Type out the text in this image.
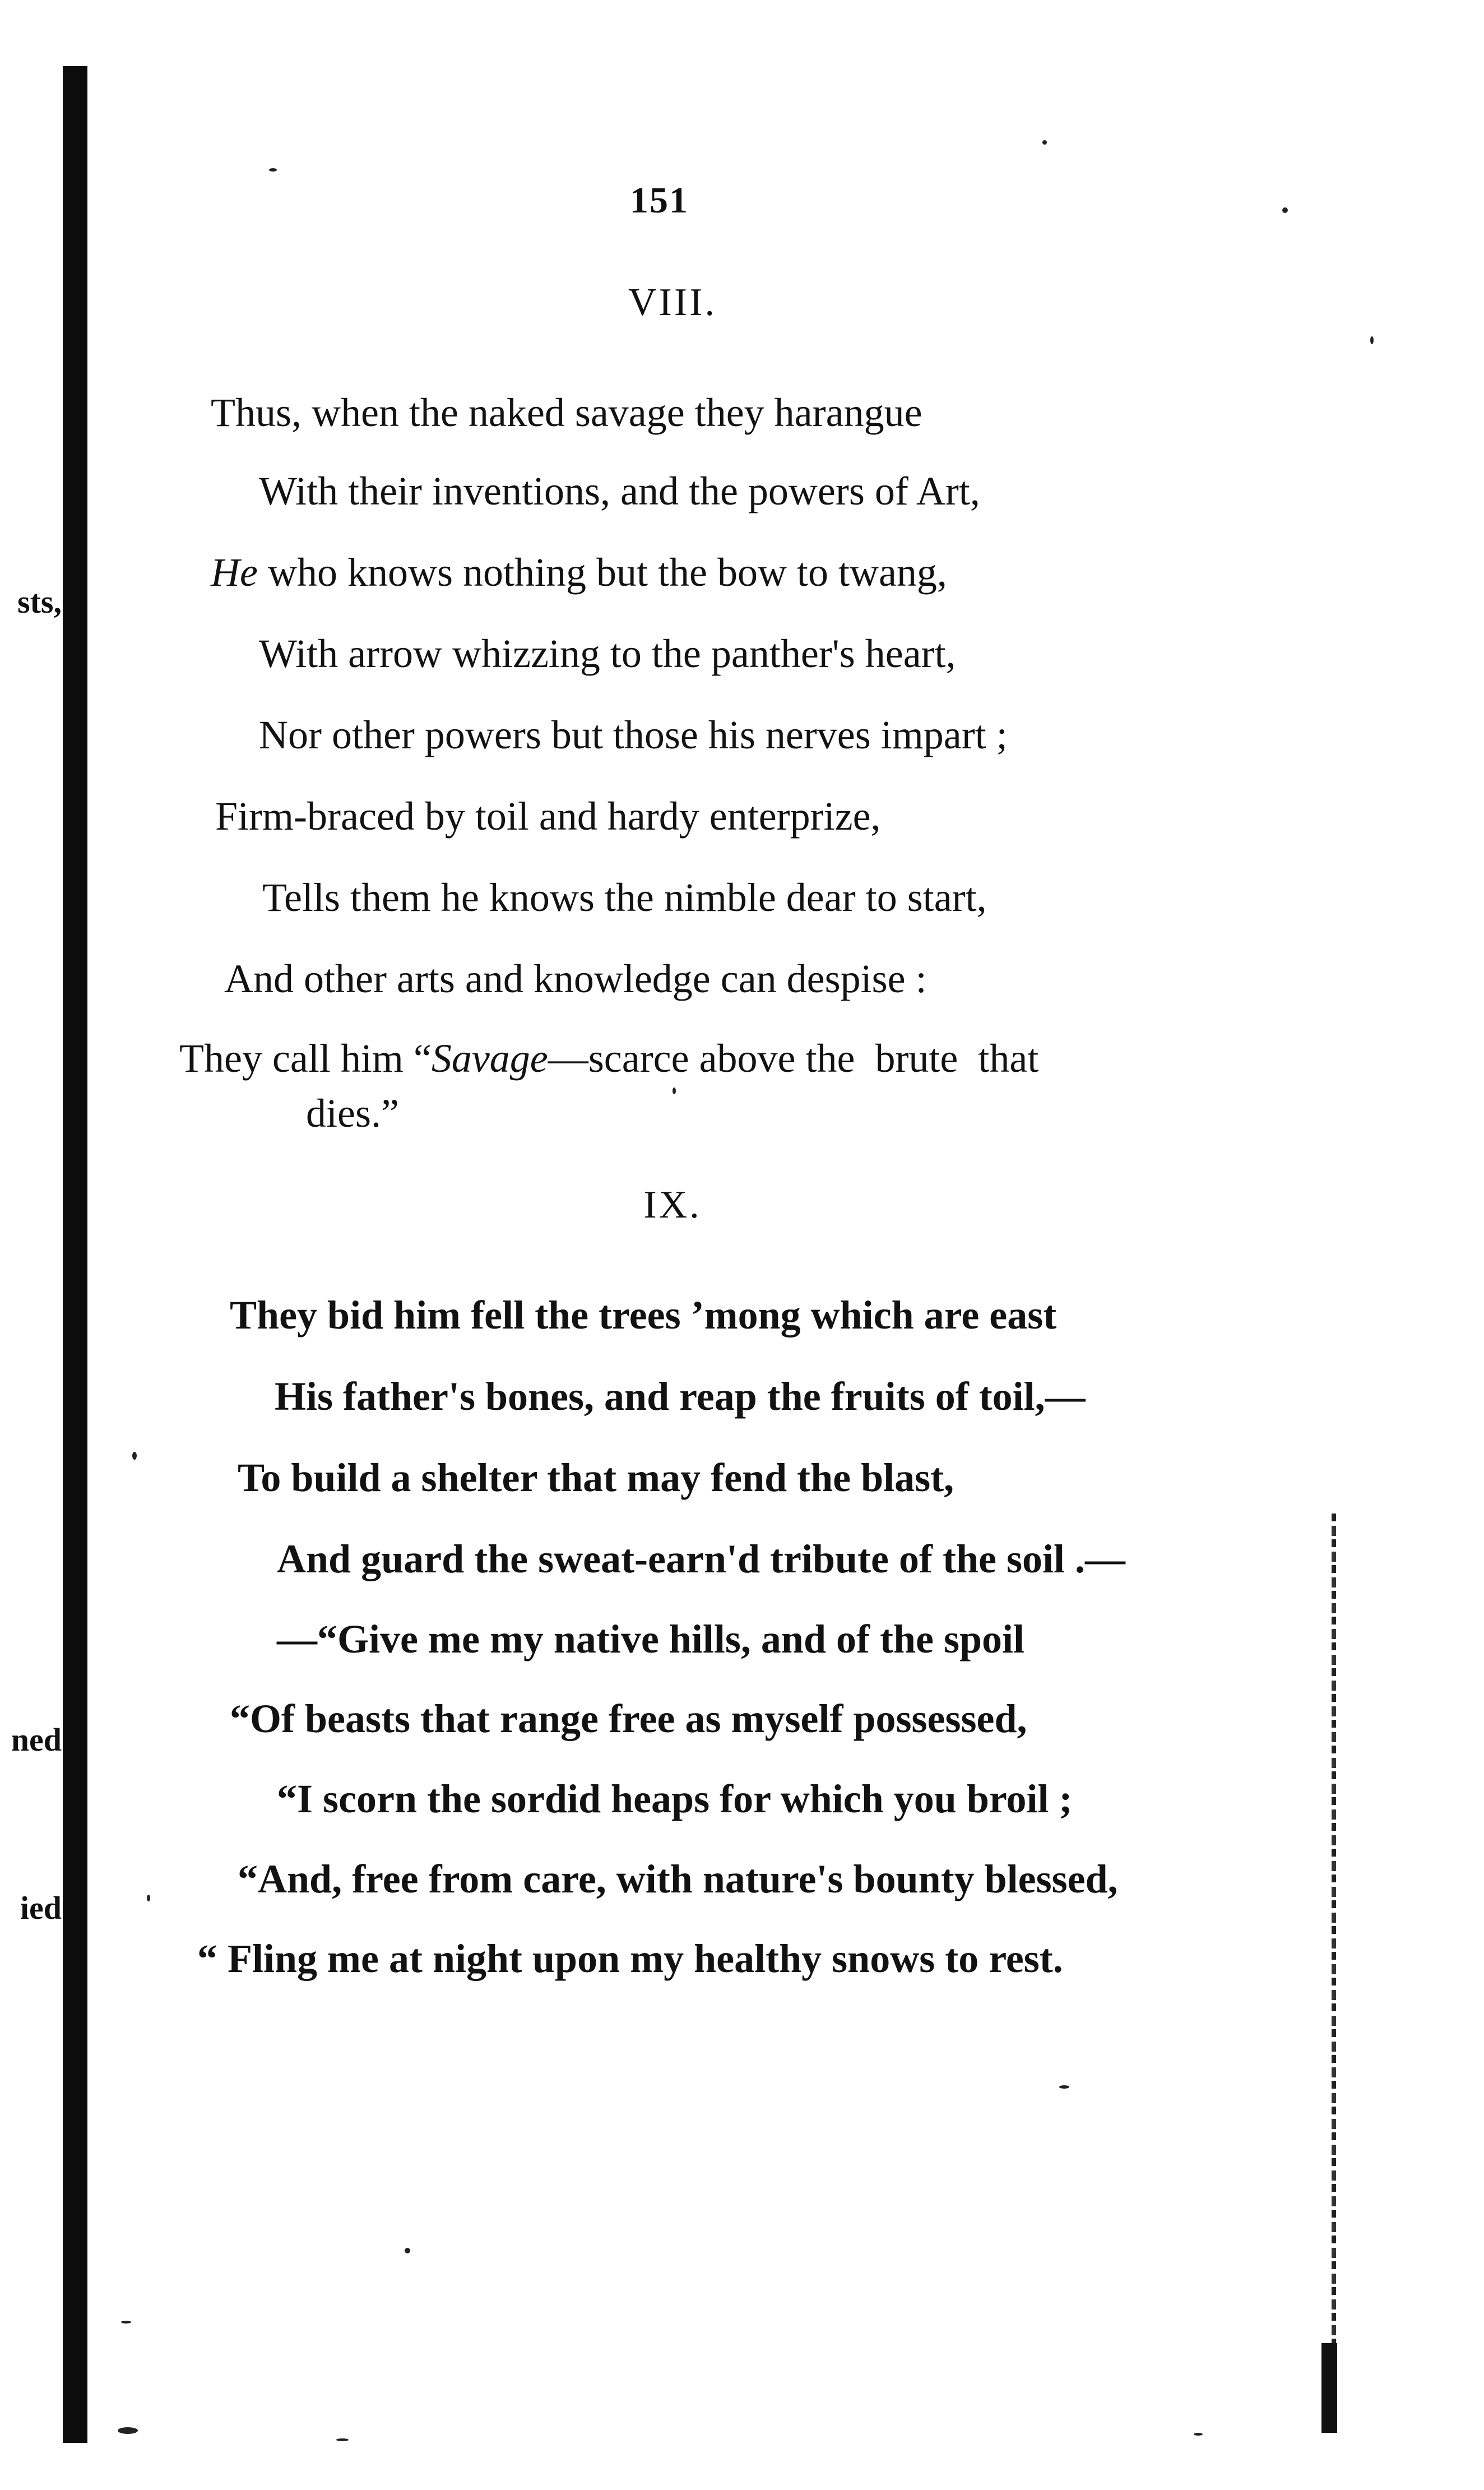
sts,
ned
ied
151
VIII.
Thus, when the naked savage they harangue
With their inventions, and the powers of Art,
He who knows nothing but the bow to twang,
With arrow whizzing to the panther's heart,
Nor other powers but those his nerves impart ;
Firm-braced by toil and hardy enterprize,
Tells them he knows the nimble dear to start,
And other arts and knowledge can despise :
They call him “Savage—scarce above the  brute  that
dies.”
IX.
They bid him fell the trees ’mong which are east
His father's bones, and reap the fruits of toil,—
To build a shelter that may fend the blast,
And guard the sweat-earn'd tribute of the soil .—
—“Give me my native hills, and of the spoil
“Of beasts that range free as myself possessed,
“I scorn the sordid heaps for which you broil ;
“And, free from care, with nature's bounty blessed,
“ Fling me at night upon my healthy snows to rest.
